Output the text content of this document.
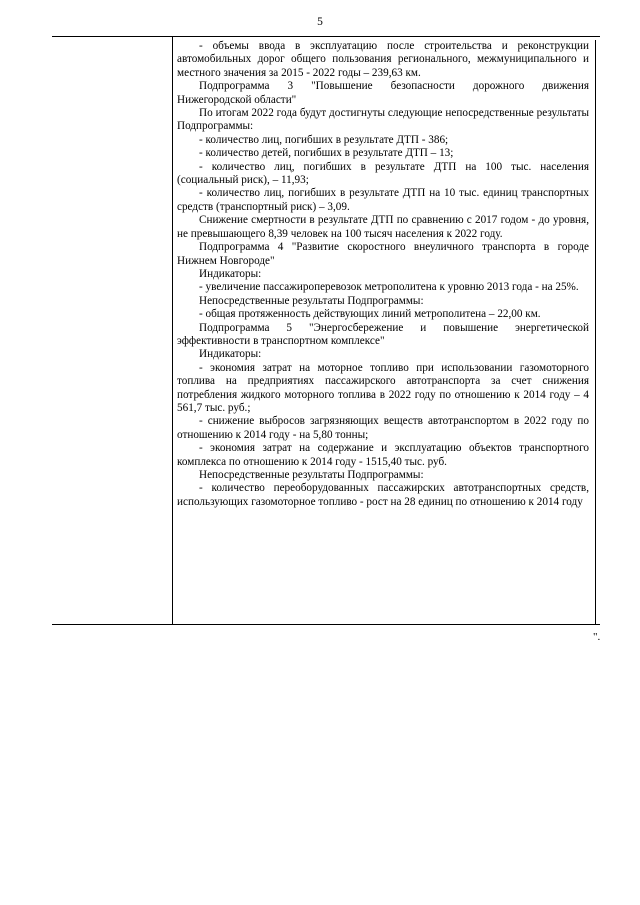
5

- объемы ввода в эксплуатацию после строительства и реконструкции автомобильных дорог общего пользования регионального, межмуниципального и местного значения за 2015 - 2022 годы – 239,63 км.

Подпрограмма 3 "Повышение безопасности дорожного движения Нижегородской области"

По итогам 2022 года будут достигнуты следующие непосредственные результаты Подпрограммы:

- количество лиц, погибших в результате ДТП - 386;

- количество детей, погибших в результате ДТП – 13;

- количество лиц, погибших в результате ДТП на 100 тыс. населения (социальный риск), – 11,93;

- количество лиц, погибших в результате ДТП на 10 тыс. единиц транспортных средств (транспортный риск) – 3,09.

Снижение смертности в результате ДТП по сравнению с 2017 годом - до уровня, не превышающего 8,39 человек на 100 тысяч населения к 2022 году.

Подпрограмма 4 "Развитие скоростного внеуличного транспорта в городе Нижнем Новгороде"

Индикаторы:

- увеличение пассажироперевозок метрополитена к уровню 2013 года - на 25%.

Непосредственные результаты Подпрограммы:

- общая протяженность действующих линий метрополитена – 22,00 км.

Подпрограмма 5 "Энергосбережение и повышение энергетической эффективности в транспортном комплексе"

Индикаторы:

- экономия затрат на моторное топливо при использовании газомоторного топлива на предприятиях пассажирского автотранспорта за счет снижения потребления жидкого моторного топлива в 2022 году по отношению к 2014 году – 4 561,7 тыс. руб.;

- снижение выбросов загрязняющих веществ автотранспортом в 2022 году по отношению к 2014 году - на 5,80 тонны;

- экономия затрат на содержание и эксплуатацию объектов транспортного комплекса по отношению к 2014 году - 1515,40 тыс. руб.

Непосредственные результаты Подпрограммы:

- количество переоборудованных пассажирских автотранспортных средств, использующих газомоторное топливо - рост на 28 единиц по отношению к 2014 году

".
